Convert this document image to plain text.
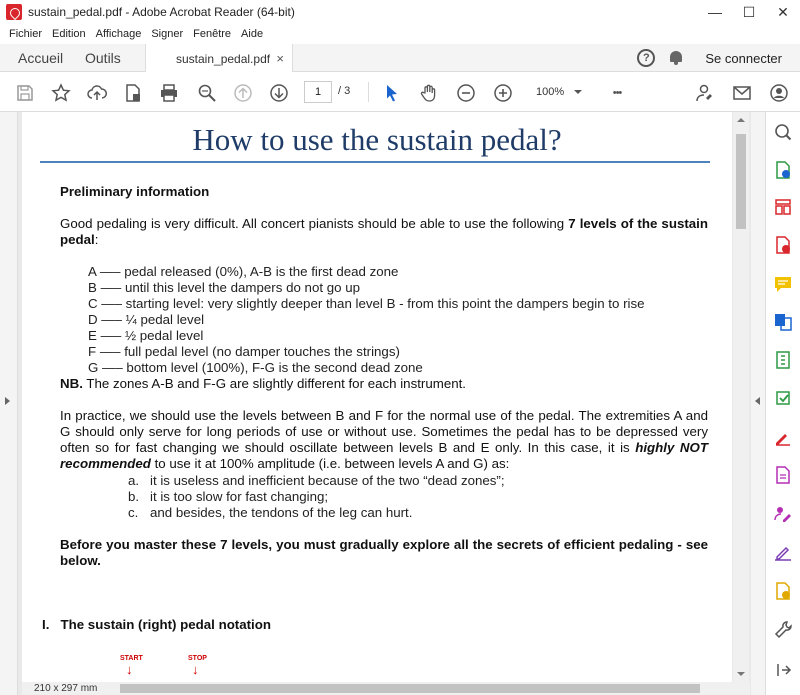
sustain_pedal.pdf - Adobe Acrobat Reader (64-bit)	—	☐	✕
Fichier Edition Affichage Signer Fenêtre Aide
Accueil Outils	sustain_pedal.pdf ×	?	Se connecter
1	/ 3	100%	•••
How to use the sustain pedal?
Preliminary information
Good pedaling is very difficult. All concert pianists should be able to use the following 7 levels of the sustain pedal:
A —– pedal released (0%), A-B is the first dead zone
B —– until this level the dampers do not go up
C —– starting level: very slightly deeper than level B - from this point the dampers begin to rise
D —– ¼ pedal level
E —– ½ pedal level
F —– full pedal level (no damper touches the strings)
G —– bottom level (100%), F-G is the second dead zone
NB. The zones A-B and F-G are slightly different for each instrument.
In practice, we should use the levels between B and F for the normal use of the pedal. The extremities A and G should only serve for long periods of use or without use. Sometimes the pedal has to be depressed very often so for fast changing we should oscillate between levels B and E only. In this case, it is highly NOT recommended to use it at 100% amplitude (i.e. between levels A and G) as:
a. it is useless and inefficient because of the two “dead zones”;
b. it is too slow for fast changing;
c. and besides, the tendons of the leg can hurt.
Before you master these 7 levels, you must gradually explore all the secrets of efficient pedaling - see below.
I.   The sustain (right) pedal notation
START
↓
STOP
↓
210 x 297 mm
